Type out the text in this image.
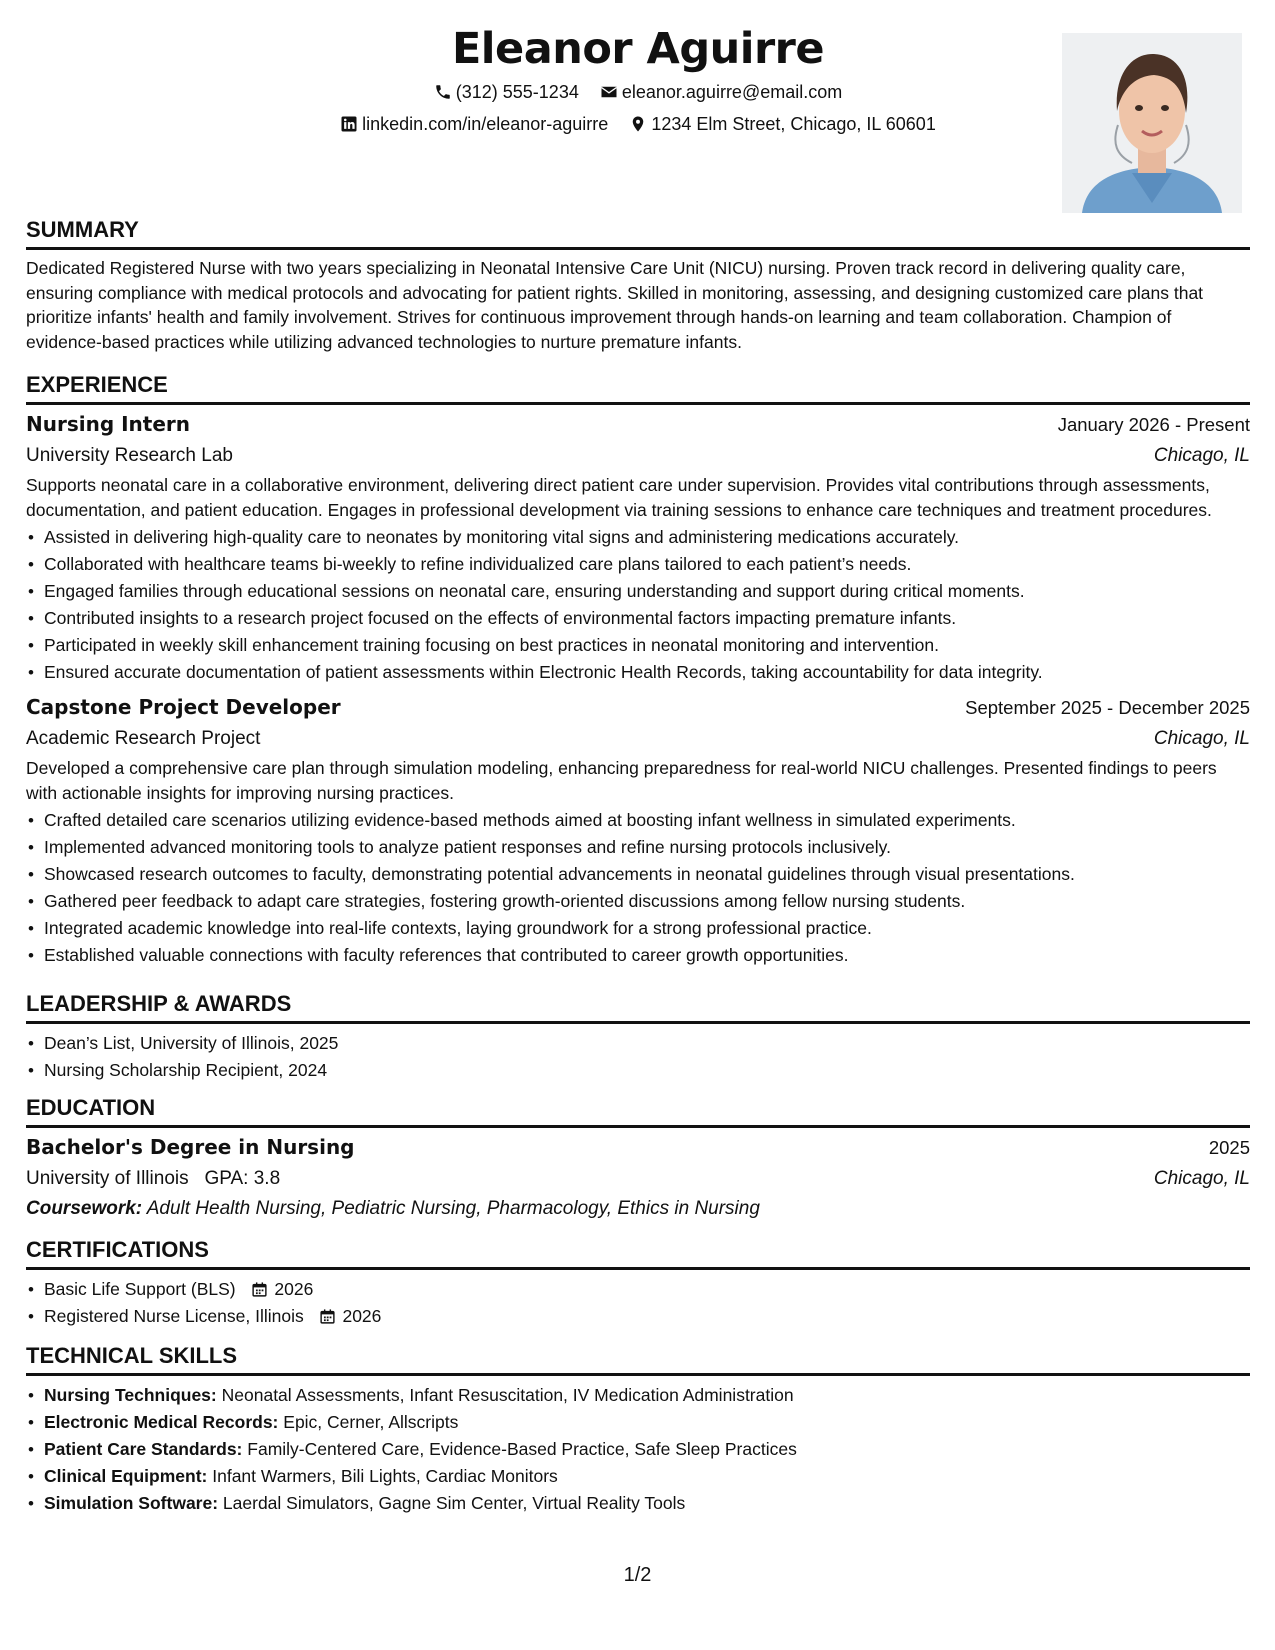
Eleanor Aguirre
(312) 555-1234
eleanor.aguirre@email.com
linkedin.com/in/eleanor-aguirre
1234 Elm Street, Chicago, IL 60601
SUMMARY

Dedicated Registered Nurse with two years specializing in Neonatal Intensive Care Unit (NICU) nursing. Proven track record in delivering quality care, ensuring compliance with medical protocols and advocating for patient rights. Skilled in monitoring, assessing, and designing customized care plans that prioritize infants' health and family involvement. Strives for continuous improvement through hands-on learning and team collaboration. Champion of evidence-based practices while utilizing advanced technologies to nurture premature infants.

EXPERIENCE
Nursing Intern	January 2026 - Present
University Research Lab	Chicago, IL

Supports neonatal care in a collaborative environment, delivering direct patient care under supervision. Provides vital contributions through assessments, documentation, and patient education. Engages in professional development via training sessions to enhance care techniques and treatment procedures.

• Assisted in delivering high-quality care to neonates by monitoring vital signs and administering medications accurately.
• Collaborated with healthcare teams bi-weekly to refine individualized care plans tailored to each patient’s needs.
• Engaged families through educational sessions on neonatal care, ensuring understanding and support during critical moments.
• Contributed insights to a research project focused on the effects of environmental factors impacting premature infants.
• Participated in weekly skill enhancement training focusing on best practices in neonatal monitoring and intervention.
• Ensured accurate documentation of patient assessments within Electronic Health Records, taking accountability for data integrity.
Capstone Project Developer	September 2025 - December 2025
Academic Research Project	Chicago, IL

Developed a comprehensive care plan through simulation modeling, enhancing preparedness for real-world NICU challenges. Presented findings to peers with actionable insights for improving nursing practices.

• Crafted detailed care scenarios utilizing evidence-based methods aimed at boosting infant wellness in simulated experiments.
• Implemented advanced monitoring tools to analyze patient responses and refine nursing protocols inclusively.
• Showcased research outcomes to faculty, demonstrating potential advancements in neonatal guidelines through visual presentations.
• Gathered peer feedback to adapt care strategies, fostering growth-oriented discussions among fellow nursing students.
• Integrated academic knowledge into real-life contexts, laying groundwork for a strong professional practice.
• Established valuable connections with faculty references that contributed to career growth opportunities.
LEADERSHIP & AWARDS
• Dean’s List, University of Illinois, 2025
• Nursing Scholarship Recipient, 2024
EDUCATION
Bachelor's Degree in Nursing	2025
University of Illinois GPA: 3.8	Chicago, IL
Coursework: Adult Health Nursing, Pediatric Nursing, Pharmacology, Ethics in Nursing
CERTIFICATIONS
• Basic Life Support (BLS) 2026
• Registered Nurse License, Illinois 2026
TECHNICAL SKILLS
• Nursing Techniques: Neonatal Assessments, Infant Resuscitation, IV Medication Administration
• Electronic Medical Records: Epic, Cerner, Allscripts
• Patient Care Standards: Family-Centered Care, Evidence-Based Practice, Safe Sleep Practices
• Clinical Equipment: Infant Warmers, Bili Lights, Cardiac Monitors
• Simulation Software: Laerdal Simulators, Gagne Sim Center, Virtual Reality Tools
1/2
